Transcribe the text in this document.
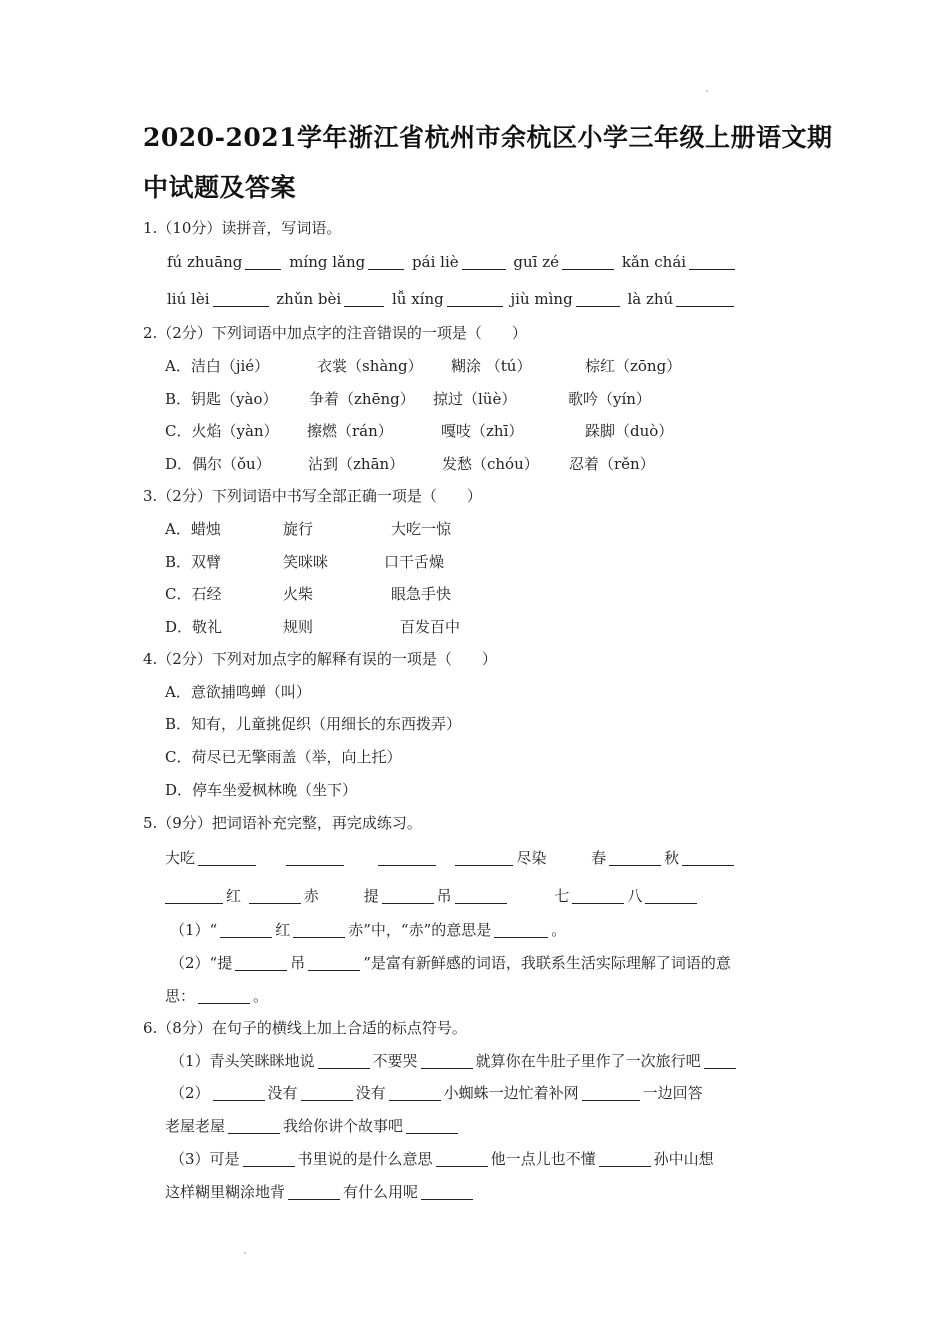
2020-2021学年浙江省杭州市余杭区小学三年级上册语文期
中试题及答案
1.（10分）读拼音，写词语。
fú zhuāng	míng lǎng	pái liè	guī zé	kǎn chái
liú lèi	zhǔn bèi	lǚ xíng	jiù mìng	là zhú
2.（2分）下列词语中加点字的注音错误的一项是（　　）
A．洁白（jié）	衣裳（shàng） 糊涂 （tú）	棕红（zōng）
B．钥匙（yào） 争着（zhēng） 掠过（lüè）	歌吟（yín）
C．火焰（yàn） 擦燃（rán）	嘎吱（zhī）	跺脚（duò）
D．偶尔（ǒu） 沾到（zhān）	发愁（chóu） 忍着（rěn）
3.（2分）下列词语中书写全部正确一项是（　　）
A．蜡烛	旋行	大吃一惊
B．双臂	笑咪咪	口干舌燥
C．石经	火柴	眼急手快
D．敬礼	规则	百发百中
4.（2分）下列对加点字的解释有误的一项是（　　）
A．意欲捕鸣蝉（叫）
B．知有，儿童挑促织（用细长的东西拨弄）
C．荷尽已无擎雨盖（举，向上托）
D．停车坐爱枫林晚（坐下）
5.（9分）把词语补充完整，再完成练习。
大吃	尽染	春	秋
红	赤	提	吊	七	八
（1）“	红	赤”中，“赤”的意思是	。
（2）“提	吊	”是富有新鲜感的词语，我联系生活实际理解了词语的意
思：	。
6.（8分）在句子的横线上加上合适的标点符号。
（1）青头笑眯眯地说	不要哭	就算你在牛肚子里作了一次旅行吧
（2）	没有	没有	小蜘蛛一边忙着补网	一边回答
老屋老屋	我给你讲个故事吧
（3）可是	书里说的是什么意思	他一点儿也不懂	孙中山想
这样糊里糊涂地背	有什么用呢
